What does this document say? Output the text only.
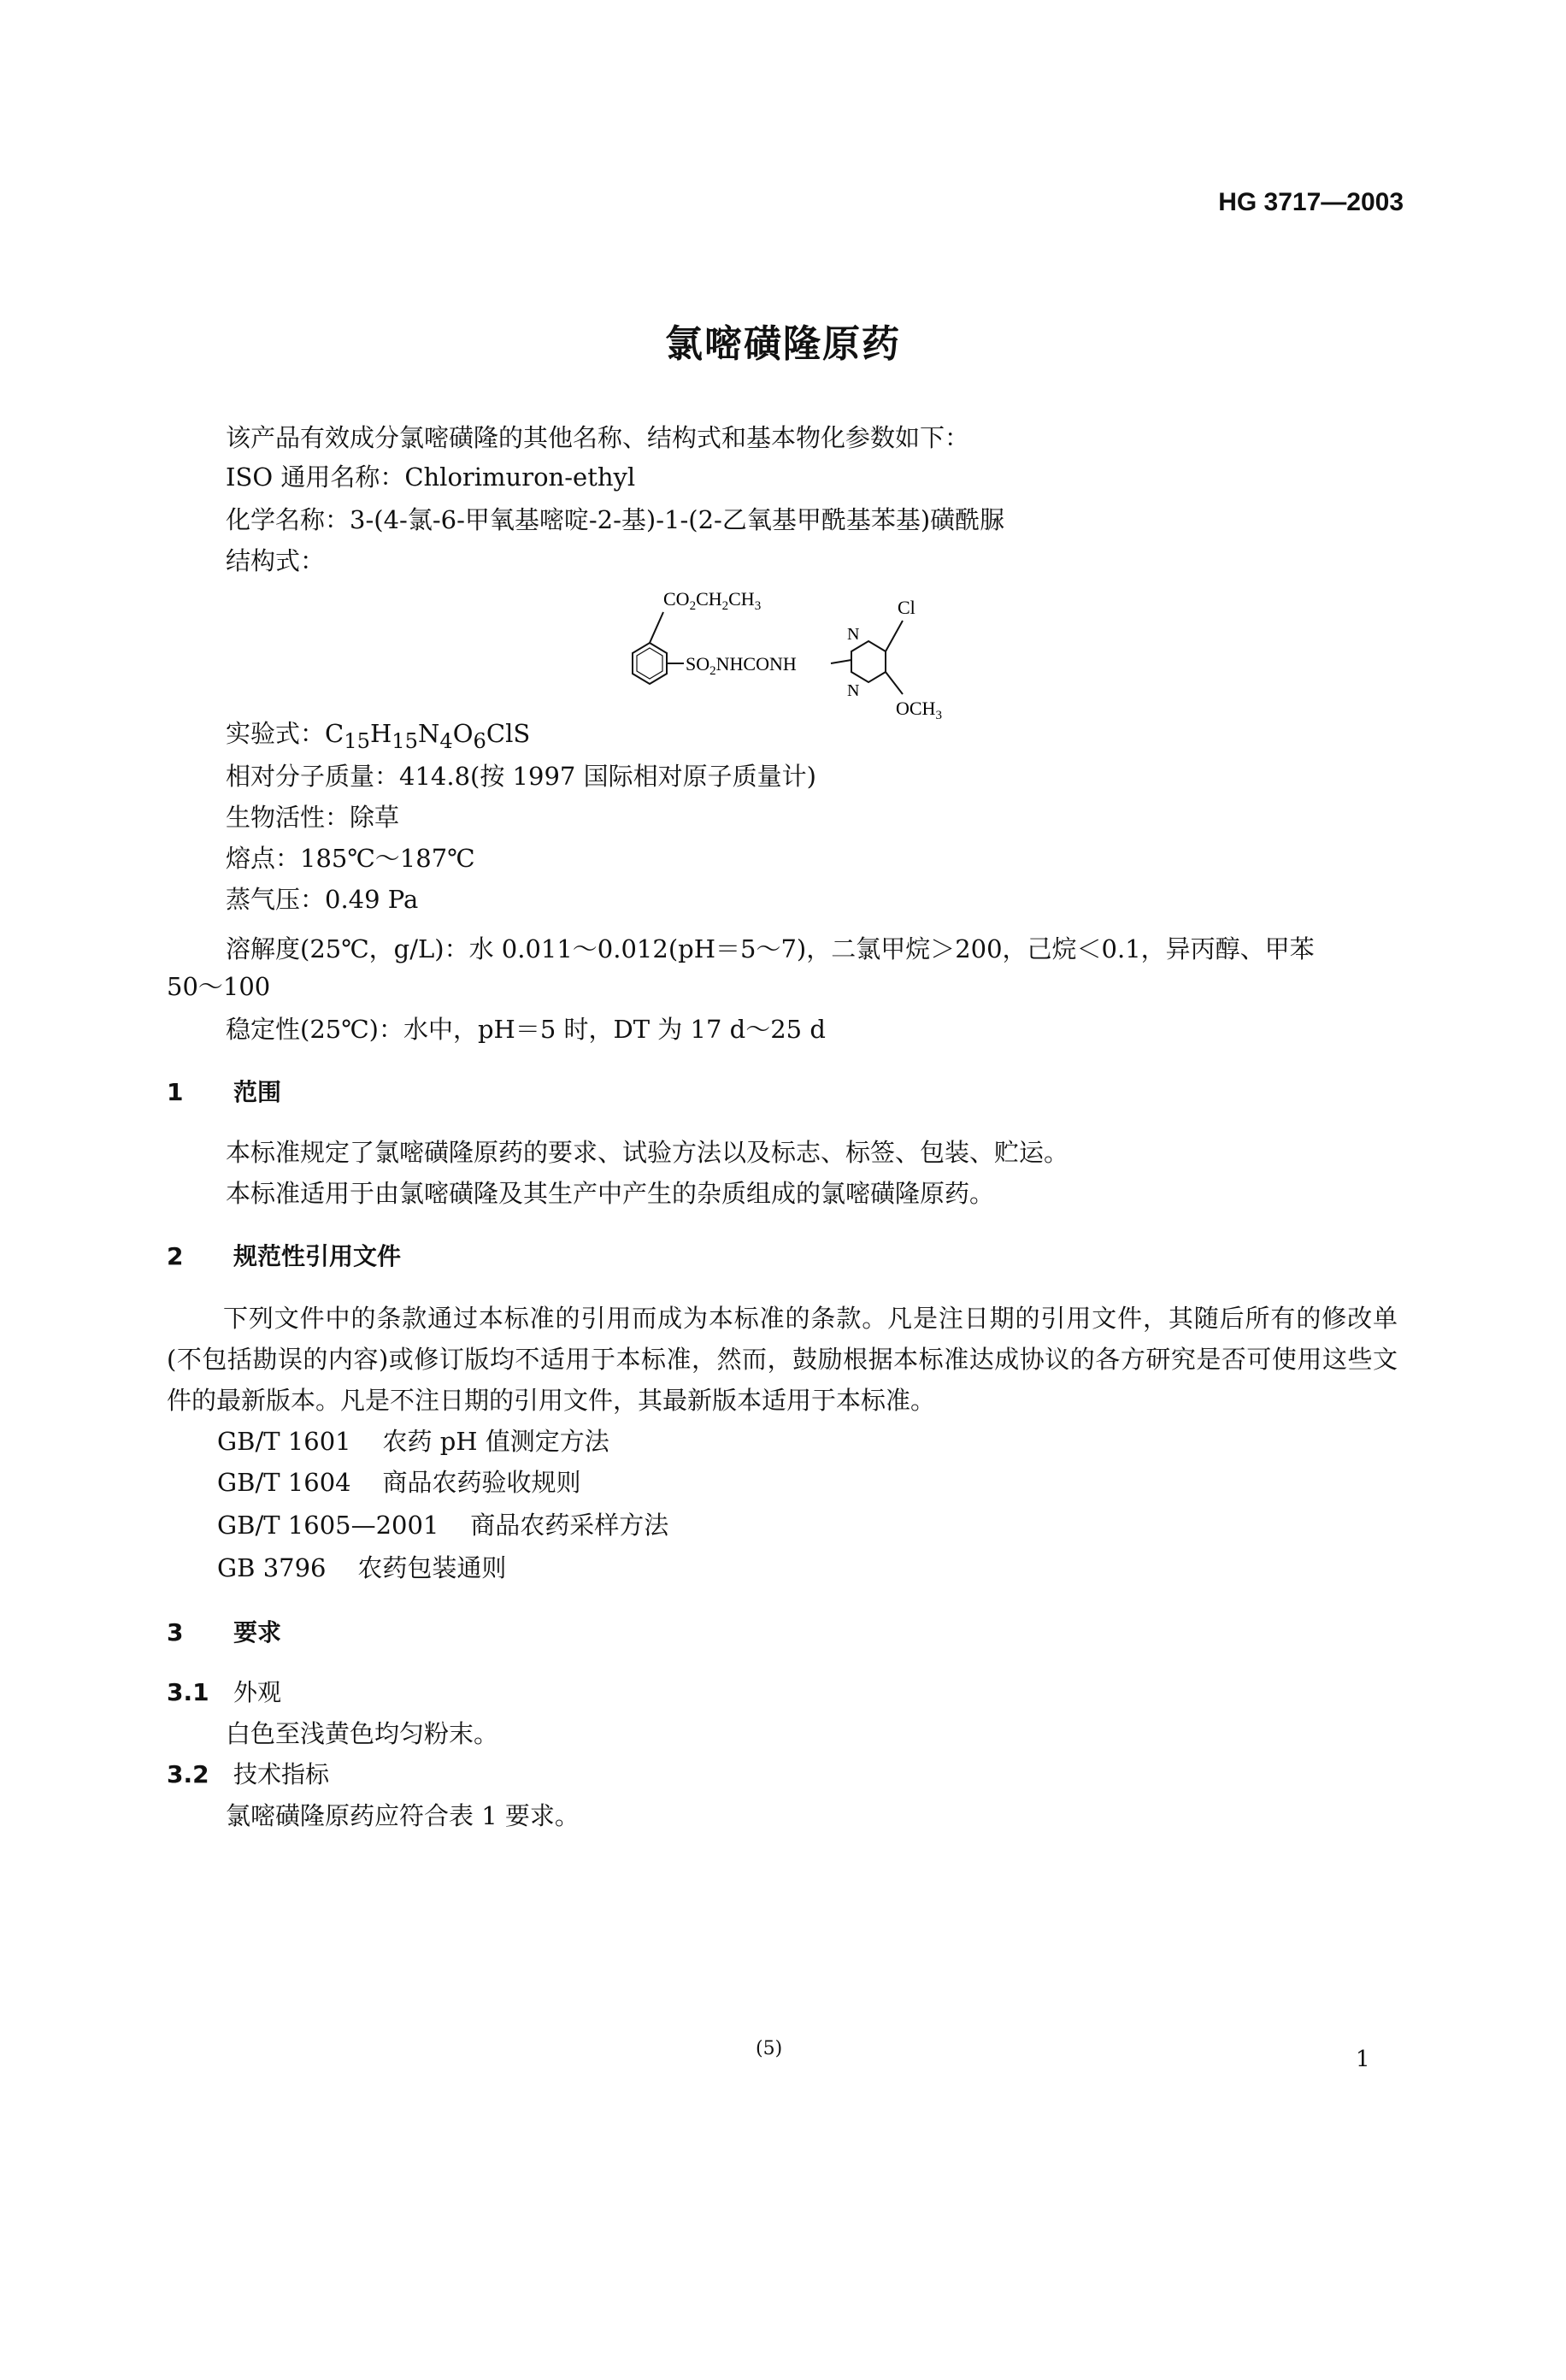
HG 3717—2003
氯嘧磺隆原药
该产品有效成分氯嘧磺隆的其他名称、结构式和基本物化参数如下：
ISO 通用名称：Chlorimuron-ethyl
化学名称：3-(4-氯-6-甲氧基嘧啶-2-基)-1-(2-乙氧基甲酰基苯基)磺酰脲
结构式：
$CO_2CH_2CH_3$
$SO_2NHCONH$
N
N
Cl
$OCH_3$
实验式：$C_{15}H_{15}N_4O_6ClS$
相对分子质量：414.8(按 1997 国际相对原子质量计)
生物活性：除草
熔点：185℃～187℃
蒸气压：0.49 Pa
溶解度(25℃，g/L)：水 0.011～0.012(pH＝5～7)，二氯甲烷＞200，己烷＜0.1，异丙醇、甲苯
50～100
稳定性(25℃)：水中，pH＝5 时，DT 为 17 d～25 d
1 范围
本标准规定了氯嘧磺隆原药的要求、试验方法以及标志、标签、包装、贮运。
本标准适用于由氯嘧磺隆及其生产中产生的杂质组成的氯嘧磺隆原药。
2 规范性引用文件
下列文件中的条款通过本标准的引用而成为本标准的条款。凡是注日期的引用文件，其随后所有的修改单(不包括勘误的内容)或修订版均不适用于本标准，然而，鼓励根据本标准达成协议的各方研究是否可使用这些文件的最新版本。凡是不注日期的引用文件，其最新版本适用于本标准。
GB/T 1601 农药 pH 值测定方法
GB/T 1604 商品农药验收规则
GB/T 1605—2001 商品农药采样方法
GB 3796 农药包装通则
3 要求
3.1 外观
白色至浅黄色均匀粉末。
3.2 技术指标
氯嘧磺隆原药应符合表 1 要求。
(5)	1
